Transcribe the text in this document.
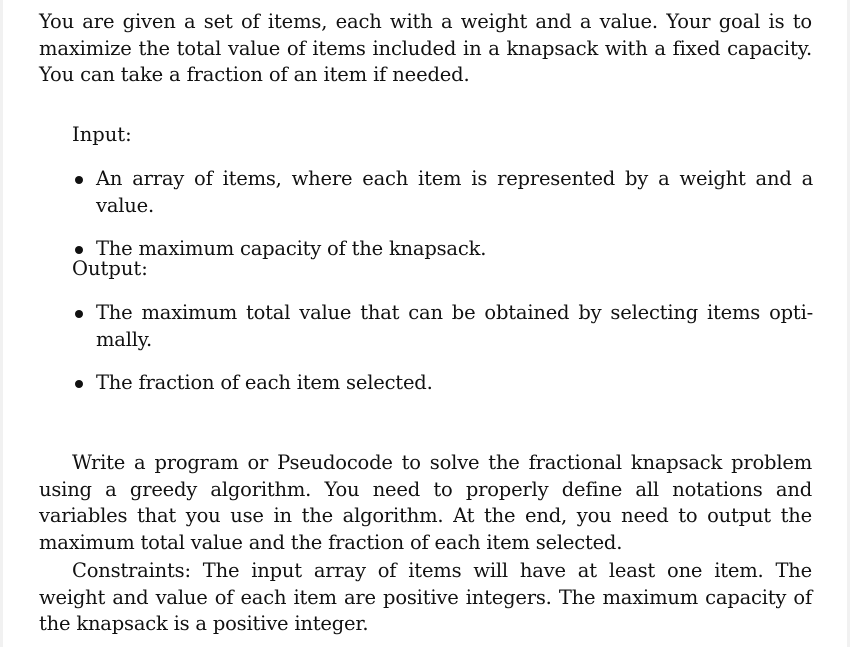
You are given a set of items, each with a weight and a value. Your goal is to maximize the total value of items included in a knapsack with a fixed capacity. You can take a fraction of an item if needed.

Input:

An array of items, where each item is represented by a weight and a value.
The maximum capacity of the knapsack.

Output:

The maximum total value that can be obtained by selecting items opti-mally.
The fraction of each item selected.

Write a program or Pseudocode to solve the fractional knapsack problem using a greedy algorithm. You need to properly define all notations and variables that you use in the algorithm. At the end, you need to output the maximum total value and the fraction of each item selected.

Constraints: The input array of items will have at least one item. The weight and value of each item are positive integers. The maximum capacity of the knapsack is a positive integer.
